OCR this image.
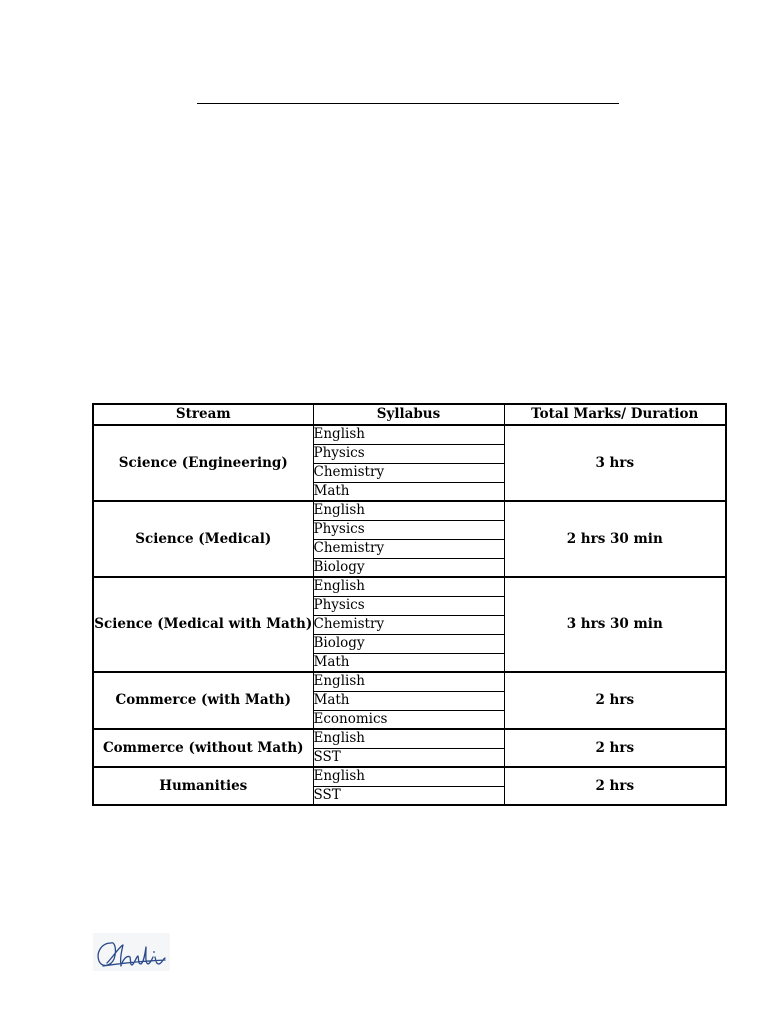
Stream	Syllabus	Total Marks/ Duration
Science (Engineering)	English	3 hrs
	Physics	
	Chemistry	
	Math	
Science (Medical)	English	2 hrs 30 min
	Physics	
	Chemistry	
	Biology	
Science (Medical with Math)	English	3 hrs 30 min
	Physics	
	Chemistry	
	Biology	
	Math	
Commerce (with Math)	English	2 hrs
	Math	
	Economics	
Commerce (without Math)	English	2 hrs
	SST	
Humanities	English	2 hrs
	SST	
